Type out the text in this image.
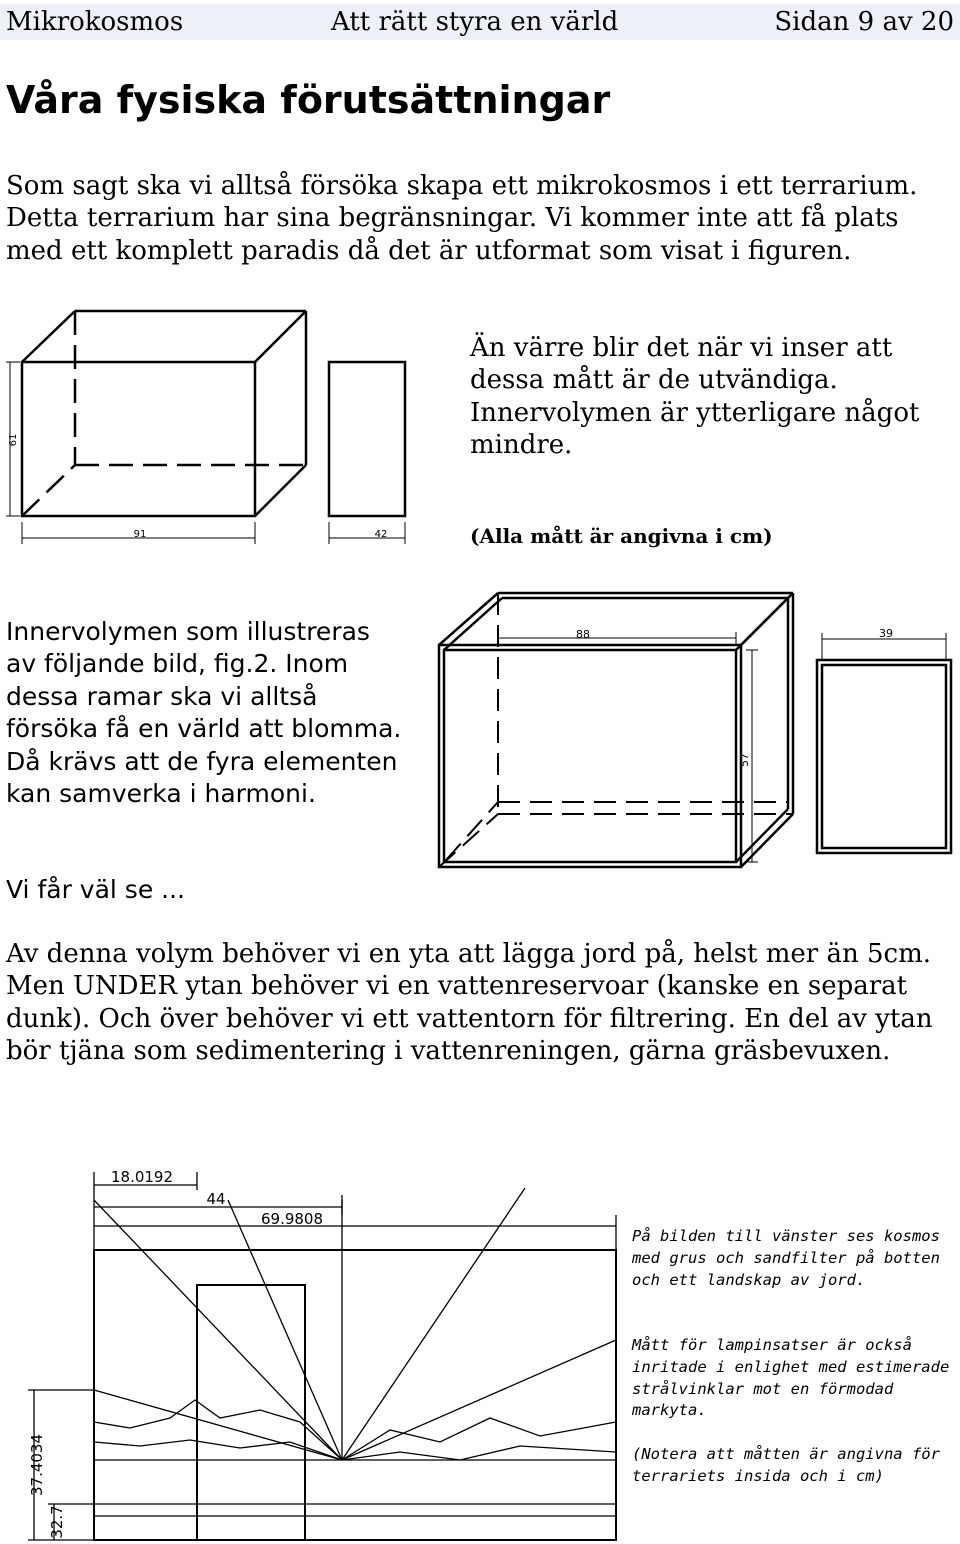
Mikrokosmos	Att rätt styra en värld	Sidan 9 av 20
Våra fysiska förutsättningar
Som sagt ska vi alltså försöka skapa ett mikrokosmos i ett terrarium. Detta terrarium har sina begränsningar. Vi kommer inte att få plats med ett komplett paradis då det är utformat som visat i figuren.
61
91	42
Än värre blir det när vi inser att dessa mått är de utvändiga. Innervolymen är ytterligare något mindre.
(Alla mått är angivna i cm)
Innervolymen som illustreras av följande bild, fig.2. Inom dessa ramar ska vi alltså försöka få en värld att blomma. Då krävs att de fyra elementen kan samverka i harmoni.
88
57
39
Vi får väl se ...
Av denna volym behöver vi en yta att lägga jord på, helst mer än 5cm. Men UNDER ytan behöver vi en vattenreservoar (kanske en separat dunk). Och över behöver vi ett vattentorn för filtrering. En del av ytan bör tjäna som sedimentering i vattenreningen, gärna gräsbevuxen.
18.0192
44
69.9808
37.4034
32.7
På bilden till vänster ses kosmos med grus och sandfilter på botten och ett landskap av jord.
Mått för lampinsatser är också inritade i enlighet med estimerade strålvinklar mot en förmodad markyta.
(Notera att måtten är angivna för terrariets insida och i cm)
